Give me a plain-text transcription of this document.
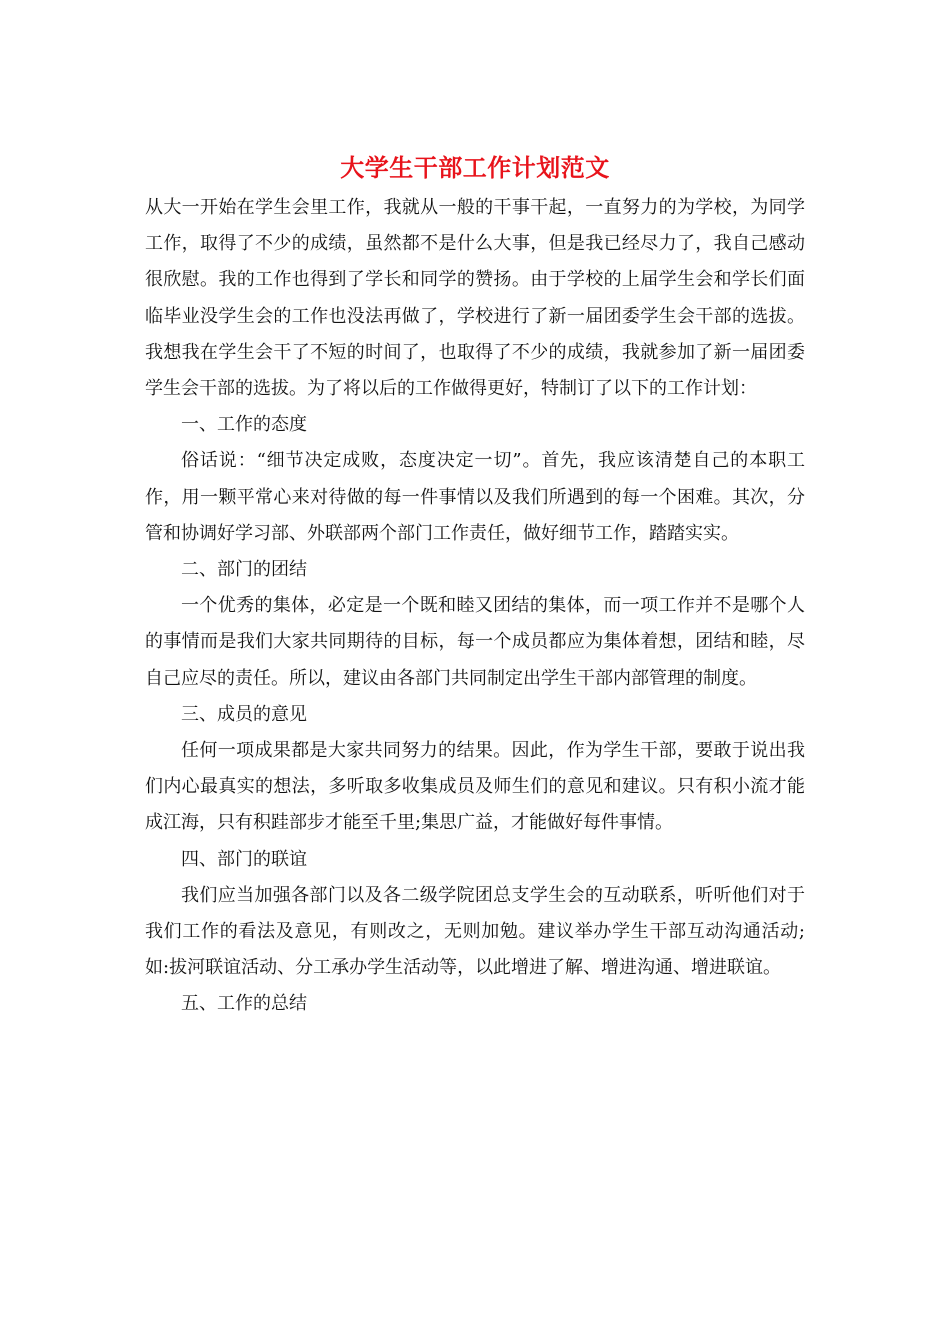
大学生干部工作计划范文

从大一开始在学生会里工作，我就从一般的干事干起，一直努力的为学校，为同学工作，取得了不少的成绩，虽然都不是什么大事，但是我已经尽力了，我自己感动很欣慰。我的工作也得到了学长和同学的赞扬。由于学校的上届学生会和学长们面临毕业没学生会的工作也没法再做了，学校进行了新一届团委学生会干部的选拔。我想我在学生会干了不短的时间了，也取得了不少的成绩，我就参加了新一届团委学生会干部的选拔。为了将以后的工作做得更好，特制订了以下的工作计划：

一、工作的态度

俗话说：“细节决定成败，态度决定一切”。首先，我应该清楚自己的本职工作，用一颗平常心来对待做的每一件事情以及我们所遇到的每一个困难。其次，分管和协调好学习部、外联部两个部门工作责任，做好细节工作，踏踏实实。

二、部门的团结

一个优秀的集体，必定是一个既和睦又团结的集体，而一项工作并不是哪个人的事情而是我们大家共同期待的目标，每一个成员都应为集体着想，团结和睦，尽自己应尽的责任。所以，建议由各部门共同制定出学生干部内部管理的制度。

三、成员的意见

任何一项成果都是大家共同努力的结果。因此，作为学生干部，要敢于说出我们内心最真实的想法，多听取多收集成员及师生们的意见和建议。只有积小流才能成江海，只有积跬部步才能至千里;集思广益，才能做好每件事情。

四、部门的联谊

我们应当加强各部门以及各二级学院团总支学生会的互动联系，听听他们对于我们工作的看法及意见，有则改之，无则加勉。建议举办学生干部互动沟通活动;如:拔河联谊活动、分工承办学生活动等，以此增进了解、增进沟通、增进联谊。

五、工作的总结
